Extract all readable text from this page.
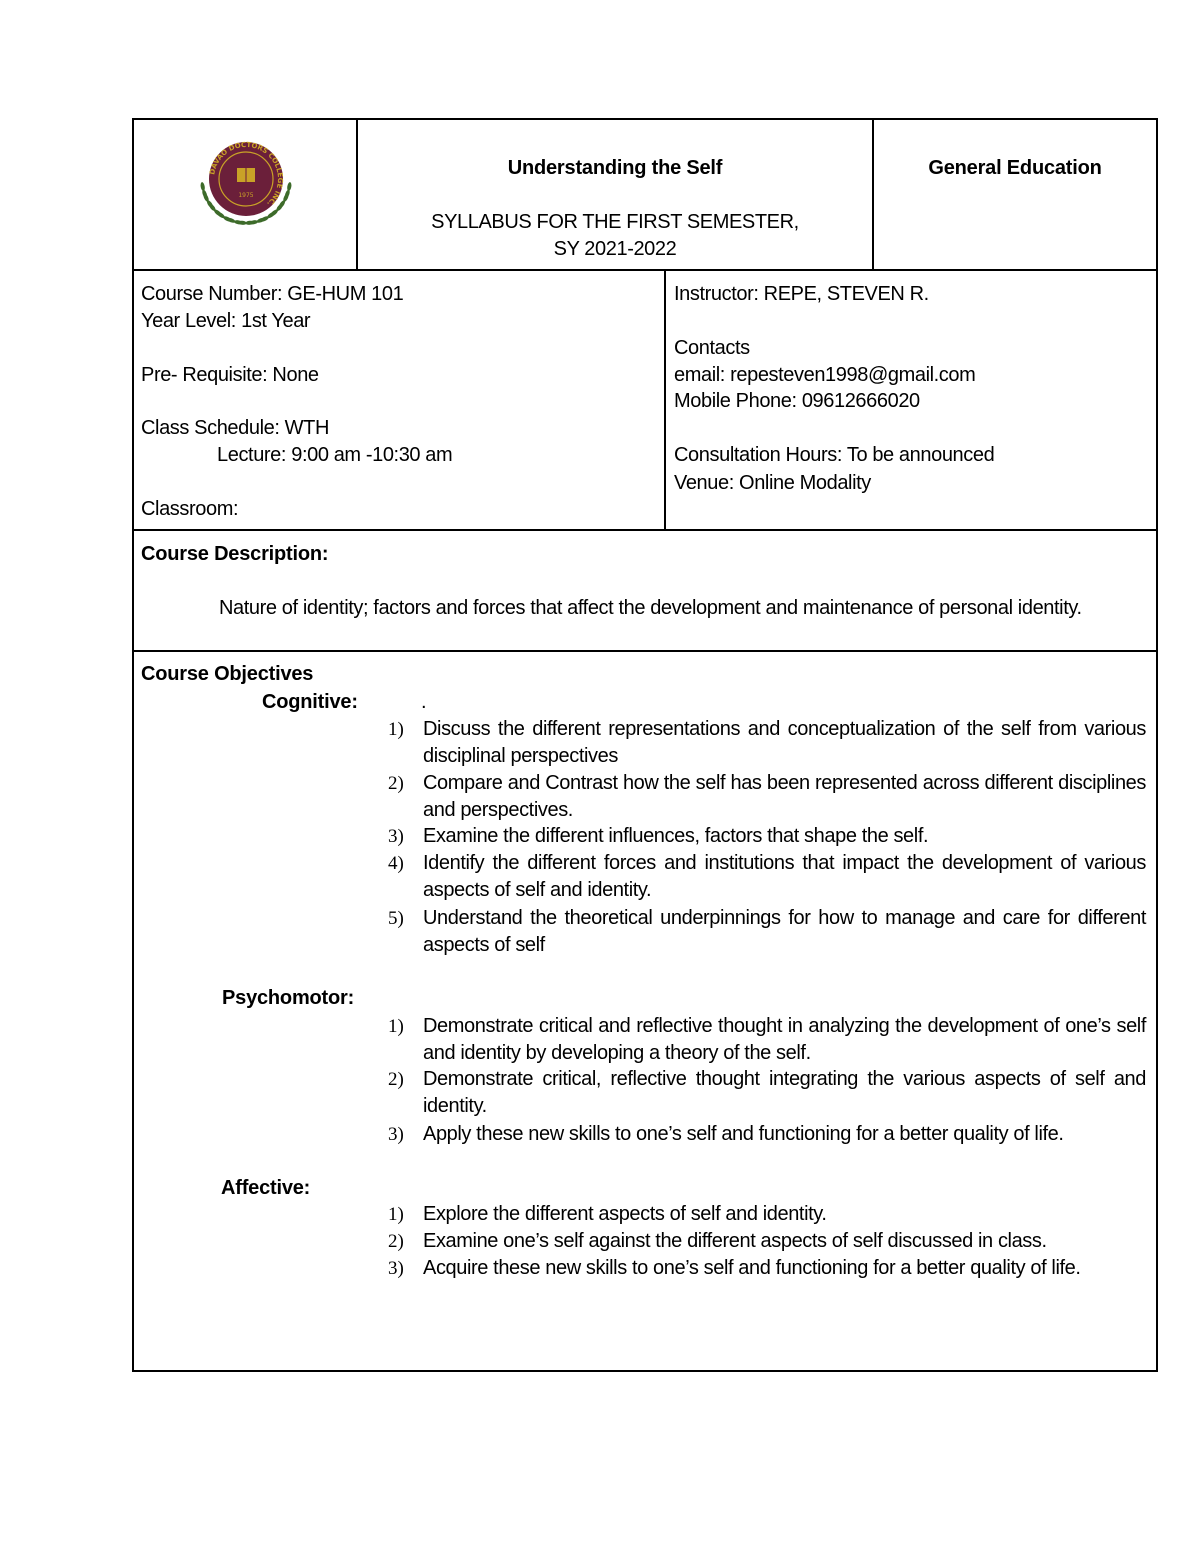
DAVAO DOCTORS COLLEGE INC.
1975
Understanding the Self
SYLLABUS FOR THE FIRST SEMESTER,
SY 2021-2022
General Education
Course Number: GE-HUM 101
Year Level: 1st Year
Pre- Requisite: None
Class Schedule: WTH
Lecture: 9:00 am -10:30 am
Classroom:
Instructor: REPE, STEVEN R.
Contacts
email: repesteven1998@gmail.com
Mobile Phone: 09612666020
Consultation Hours: To be announced
Venue: Online Modality
Course Description:
Nature of identity; factors and forces that affect the development and maintenance of personal identity.
Course Objectives
Cognitive:	.
1) Discuss the different representations and conceptualization of the self from various disciplinal perspectives
2) Compare and Contrast how the self has been represented across different disciplines and perspectives.
3) Examine the different influences, factors that shape the self.
4) Identify the different forces and institutions that impact the development of various aspects of self and identity.
5) Understand the theoretical underpinnings for how to manage and care for different aspects of self
Psychomotor:
1) Demonstrate critical and reflective thought in analyzing the development of one’s self and identity by developing a theory of the self.
2) Demonstrate critical, reflective thought integrating the various aspects of self and identity.
3) Apply these new skills to one’s self and functioning for a better quality of life.
Affective:
1) Explore the different aspects of self and identity.
2) Examine one’s self against the different aspects of self discussed in class.
3) Acquire these new skills to one’s self and functioning for a better quality of life.
